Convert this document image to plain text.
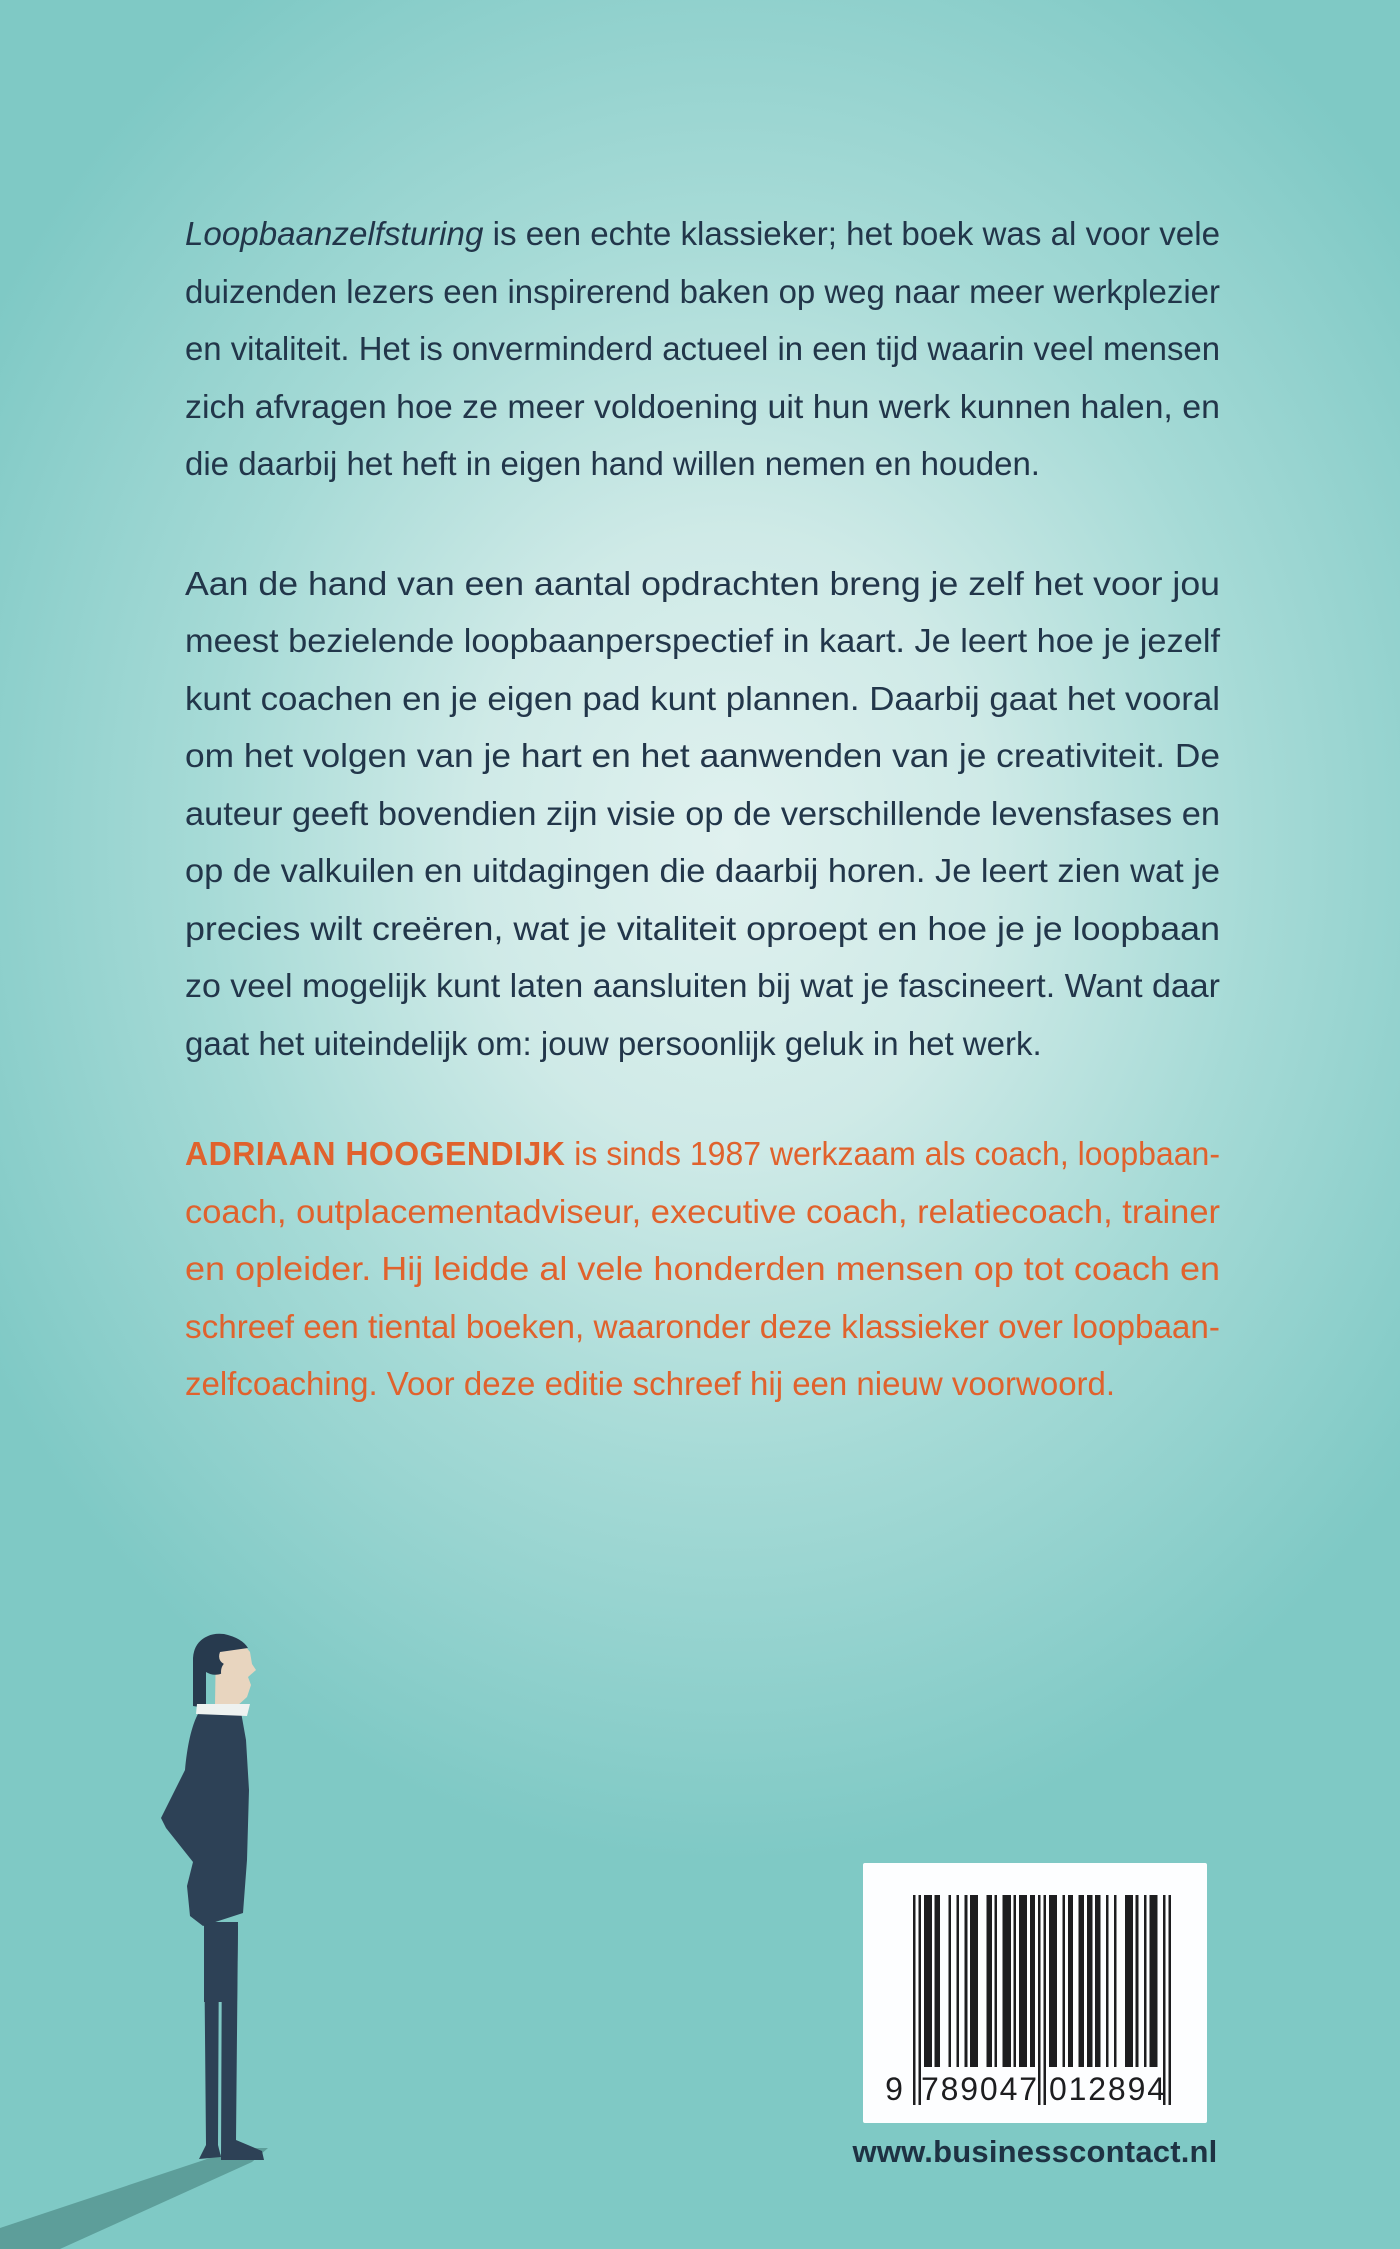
Loopbaanzelfsturing is een echte klassieker; het boek was al voor vele
duizenden lezers een inspirerend baken op weg naar meer werkplezier
en vitaliteit. Het is onverminderd actueel in een tijd waarin veel mensen
zich afvragen hoe ze meer voldoening uit hun werk kunnen halen, en
die daarbij het heft in eigen hand willen nemen en houden.
Aan de hand van een aantal opdrachten breng je zelf het voor jou
meest bezielende loopbaanperspectief in kaart. Je leert hoe je jezelf
kunt coachen en je eigen pad kunt plannen. Daarbij gaat het vooral
om het volgen van je hart en het aanwenden van je creativiteit. De
auteur geeft bovendien zijn visie op de verschillende levensfases en
op de valkuilen en uitdagingen die daarbij horen. Je leert zien wat je
precies wilt creëren, wat je vitaliteit oproept en hoe je je loopbaan
zo veel mogelijk kunt laten aansluiten bij wat je fascineert. Want daar
gaat het uiteindelijk om: jouw persoonlijk geluk in het werk.
ADRIAAN HOOGENDIJK is sinds 1987 werkzaam als coach, loopbaan-
coach, outplacementadviseur, executive coach, relatiecoach, trainer
en opleider. Hij leidde al vele honderden mensen op tot coach en
schreef een tiental boeken, waaronder deze klassieker over loopbaan-
zelfcoaching. Voor deze editie schreef hij een nieuw voorwoord.
9 7 8 9 0 4 7 0 1 2 8 9 4
www.businesscontact.nl
